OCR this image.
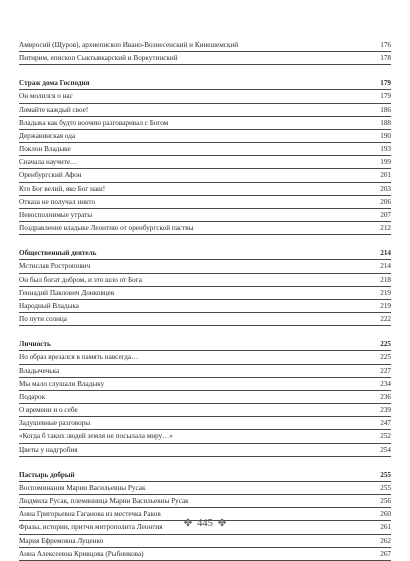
Амвросий (Щуров), архиепископ Ивано-Вознесенский и Кинешемский	176
Питирим, епископ Сыктывкарский и Воркутинский	178
Страж дома Господня	179
Он молился о нас	179
Ломайте каждый свое!	186
Владыка как будто воочию разговаривал с Богом	188
Державинская ода	190
Поклон Владыке	193
Сначала научите…	199
Оренбургский Афон	201
Кто Бог велий, яко Бог наш!	203
Отказа не получал никто	206
Невосполнимые утраты	207
Поздравление владыке Леонтию от оренбургской паствы	212
Общественный деятель	214
Мстислав Ростропович	214
Он был богат добром, и это шло от Бога	218
Геннадий Павлович Донковцев	219
Народный Владыка	219
По пути солнца	222
Личность	225
Но образ врезался в память навсегда…	225
Владычечька	227
Мы мало слушали Владыку	234
Подарок	236
О времени и о себе	239
Задушевные разговоры	247
«Когда б таких людей земля не посылала миру…»	252
Цветы у надгробия	254
Пастырь добрый	255
Воспоминания Марии Васильевны Русак	255
Людмила Русак, племянница Марии Васильевны Русак	256
Анна Григорьевна Гаганова из местечка Раков	260
Фразы, истории, притчи митрополита Леонтия	261
Мария Ефремовна Луценко	262
Анна Алексеевна Кривцова (Рыбникова)	267
✤ 445 ✤
